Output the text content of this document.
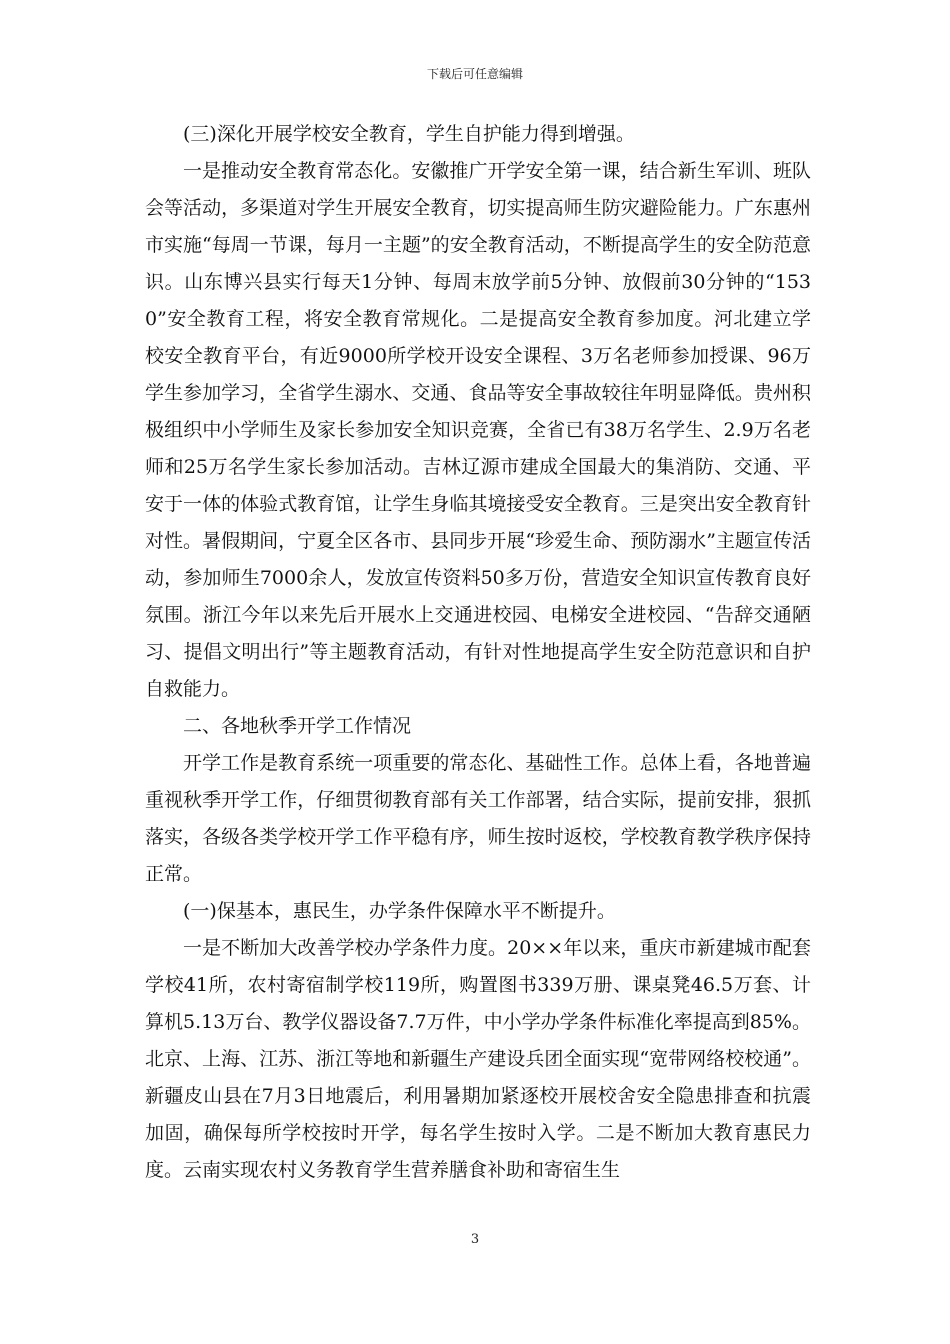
下载后可任意编辑

(三)深化开展学校安全教育，学生自护能力得到增强。

一是推动安全教育常态化。安徽推广开学安全第一课，结合新生军训、班队会等活动，多渠道对学生开展安全教育，切实提高师生防灾避险能力。广东惠州市实施“每周一节课，每月一主题”的安全教育活动，不断提高学生的安全防范意识。山东博兴县实行每天1分钟、每周末放学前5分钟、放假前30分钟的“1530”安全教育工程，将安全教育常规化。二是提高安全教育参加度。河北建立学校安全教育平台，有近9000所学校开设安全课程、3万名老师参加授课、96万学生参加学习，全省学生溺水、交通、食品等安全事故较往年明显降低。贵州积极组织中小学师生及家长参加安全知识竞赛，全省已有38万名学生、2.9万名老师和25万名学生家长参加活动。吉林辽源市建成全国最大的集消防、交通、平安于一体的体验式教育馆，让学生身临其境接受安全教育。三是突出安全教育针对性。暑假期间，宁夏全区各市、县同步开展“珍爱生命、预防溺水”主题宣传活动，参加师生7000余人，发放宣传资料50多万份，营造安全知识宣传教育良好氛围。浙江今年以来先后开展水上交通进校园、电梯安全进校园、“告辞交通陋习、提倡文明出行”等主题教育活动，有针对性地提高学生安全防范意识和自护自救能力。

二、各地秋季开学工作情况

开学工作是教育系统一项重要的常态化、基础性工作。总体上看，各地普遍重视秋季开学工作，仔细贯彻教育部有关工作部署，结合实际，提前安排，狠抓落实，各级各类学校开学工作平稳有序，师生按时返校，学校教育教学秩序保持正常。

(一)保基本，惠民生，办学条件保障水平不断提升。

一是不断加大改善学校办学条件力度。20××年以来，重庆市新建城市配套学校41所，农村寄宿制学校119所，购置图书339万册、课桌凳46.5万套、计算机5.13万台、教学仪器设备7.7万件，中小学办学条件标准化率提高到85%。北京、上海、江苏、浙江等地和新疆生产建设兵团全面实现“宽带网络校校通”。新疆皮山县在7月3日地震后，利用暑期加紧逐校开展校舍安全隐患排查和抗震加固，确保每所学校按时开学，每名学生按时入学。二是不断加大教育惠民力度。云南实现农村义务教育学生营养膳食补助和寄宿生生

3
